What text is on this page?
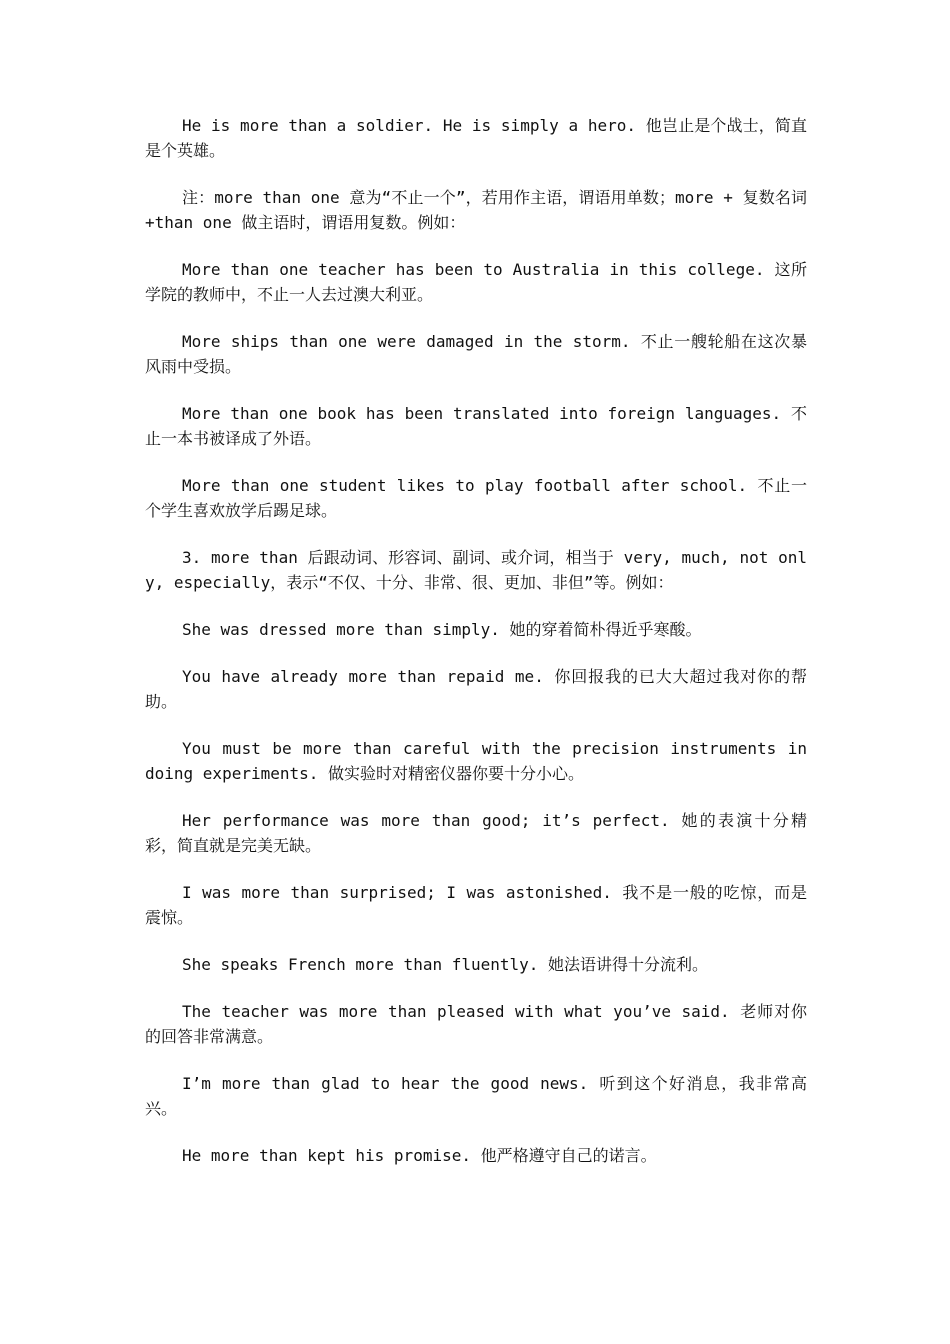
He is more than a soldier. He is simply a hero. 他岂止是个战士，简直是个英雄。

注：more than one 意为“不止一个”，若用作主语，谓语用单数；more + 复数名词+than one 做主语时，谓语用复数。例如：

More than one teacher has been to Australia in this college. 这所学院的教师中，不止一人去过澳大利亚。

More ships than one were damaged in the storm. 不止一艘轮船在这次暴风雨中受损。

More than one book has been translated into foreign languages. 不止一本书被译成了外语。

More than one student likes to play football after school. 不止一个学生喜欢放学后踢足球。

3. more than 后跟动词、形容词、副词、或介词，相当于 very, much, not only, especially，表示“不仅、十分、非常、很、更加、非但”等。例如：

She was dressed more than simply. 她的穿着简朴得近乎寒酸。

You have already more than repaid me. 你回报我的已大大超过我对你的帮助。

You must be more than careful with the precision instruments in doing experiments. 做实验时对精密仪器你要十分小心。

Her performance was more than good; it’s perfect. 她的表演十分精彩，简直就是完美无缺。

I was more than surprised; I was astonished. 我不是一般的吃惊，而是震惊。

She speaks French more than fluently. 她法语讲得十分流利。

The teacher was more than pleased with what you’ve said. 老师对你的回答非常满意。

I’m more than glad to hear the good news. 听到这个好消息，我非常高兴。

He more than kept his promise. 他严格遵守自己的诺言。
